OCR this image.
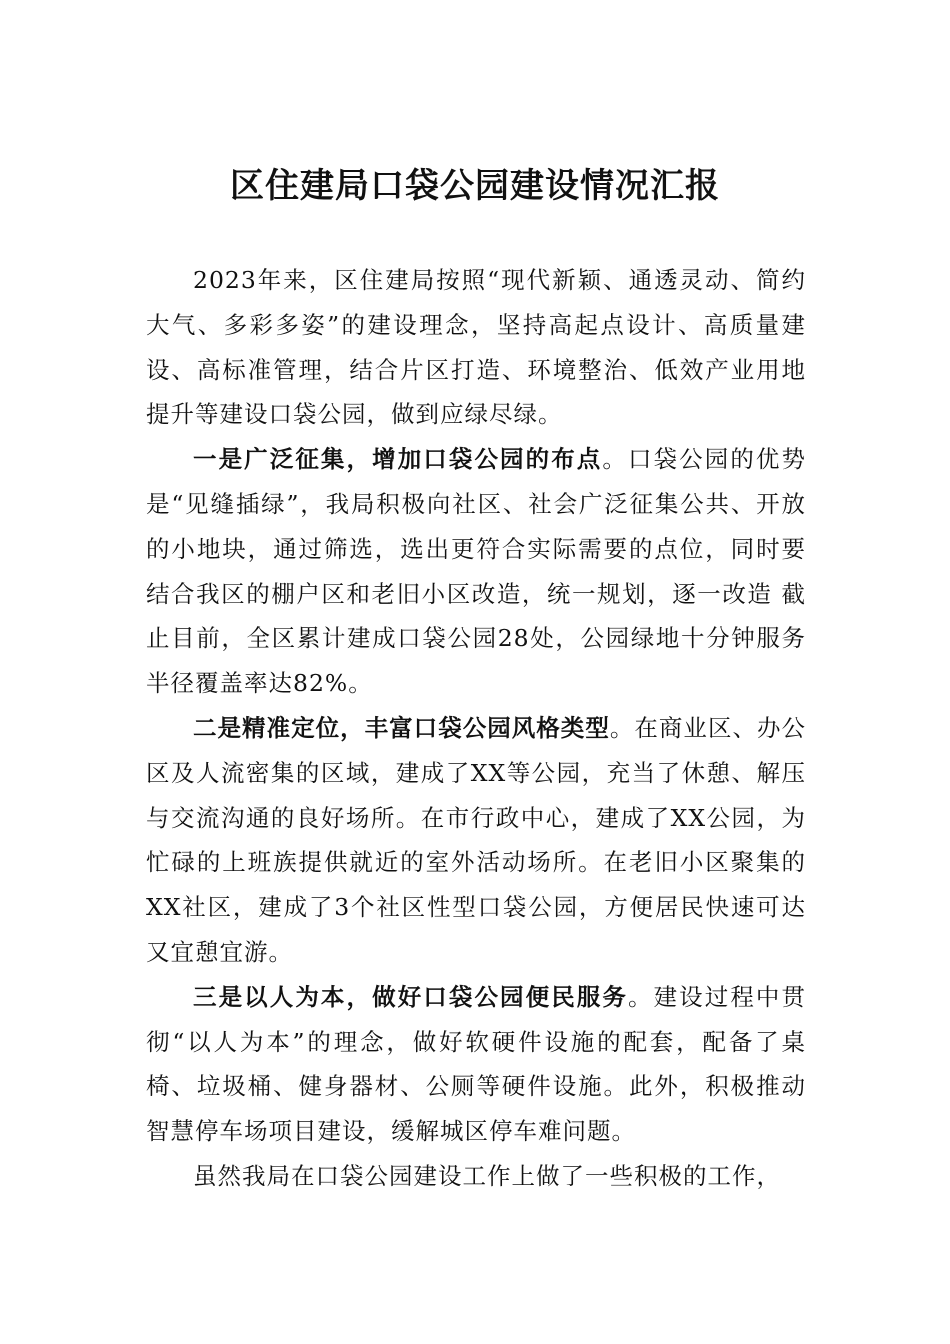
区住建局口袋公园建设情况汇报

2023年来，区住建局按照“现代新颖、通透灵动、简约大气、多彩多姿”的建设理念，坚持高起点设计、高质量建设、高标准管理，结合片区打造、环境整治、低效产业用地提升等建设口袋公园，做到应绿尽绿。

一是广泛征集，增加口袋公园的布点。口袋公园的优势是“见缝插绿”，我局积极向社区、社会广泛征集公共、开放的小地块，通过筛选，选出更符合实际需要的点位，同时要结合我区的棚户区和老旧小区改造，统一规划，逐一改造 截止目前，全区累计建成口袋公园28处，公园绿地十分钟服务半径覆盖率达82%。

二是精准定位，丰富口袋公园风格类型。在商业区、办公区及人流密集的区域，建成了XX等公园，充当了休憩、解压与交流沟通的良好场所。在市行政中心，建成了XX公园，为忙碌的上班族提供就近的室外活动场所。在老旧小区聚集的XX社区，建成了3个社区性型口袋公园，方便居民快速可达又宜憩宜游。

三是以人为本，做好口袋公园便民服务。建设过程中贯彻“以人为本”的理念，做好软硬件设施的配套，配备了桌椅、垃圾桶、健身器材、公厕等硬件设施。此外，积极推动智慧停车场项目建设，缓解城区停车难问题。

虽然我局在口袋公园建设工作上做了一些积极的工作，
